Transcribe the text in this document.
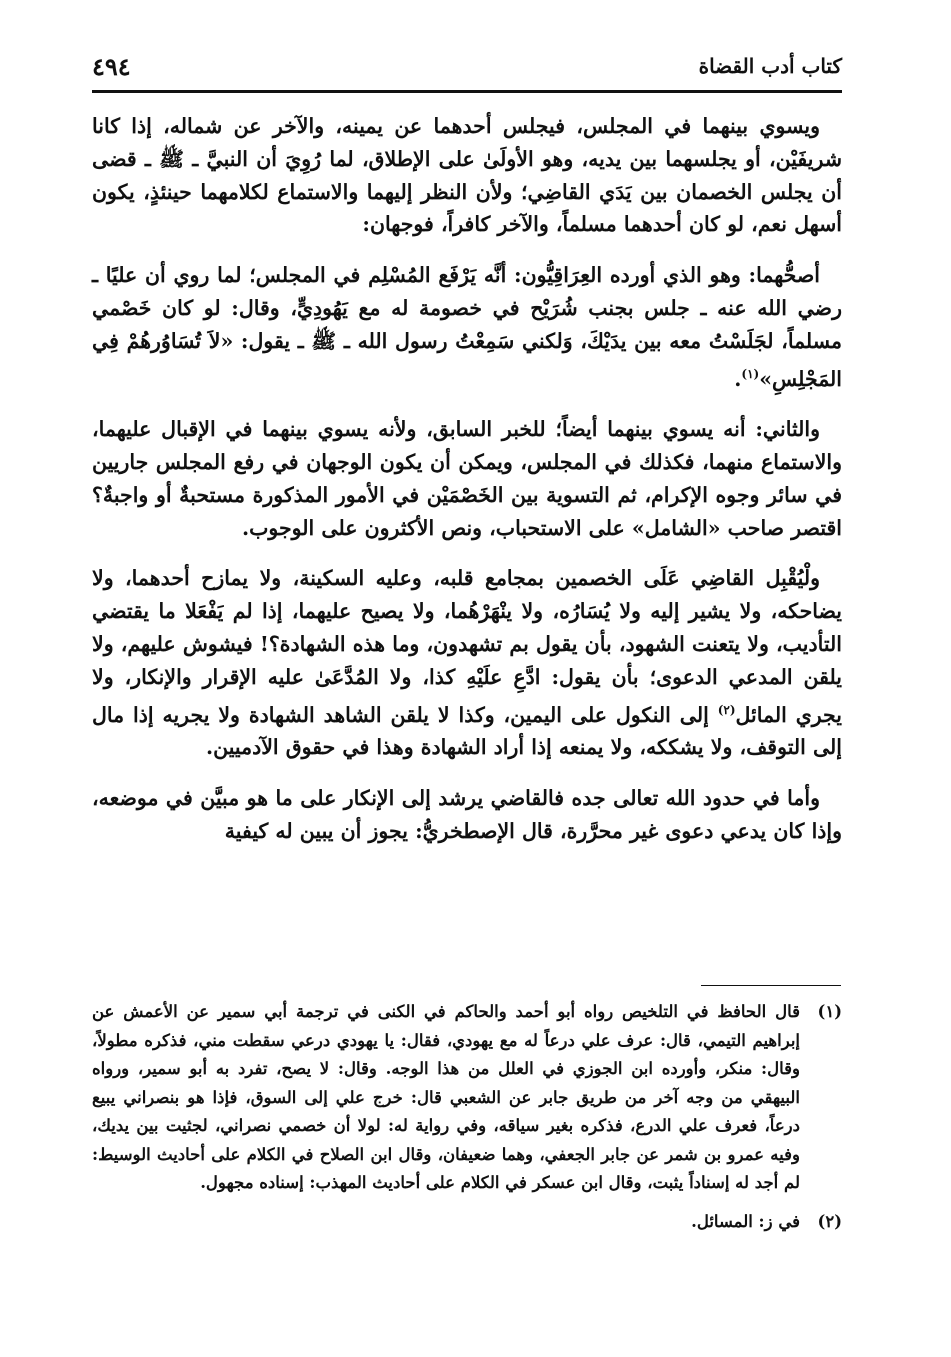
كتاب أدب القضاة
٤٩٤

ويسوي بينهما في المجلس، فيجلس أحدهما عن يمينه، والآخر عن شماله، إذا كانا شريفَيْن، أو يجلسهما بين يديه، وهو الأولَىٰ على الإطلاق، لما رُوِيَ أن النبيَّ ـ ﷺ ـ قضى أن يجلس الخصمان بين يَدَي القاضِي؛ ولأن النظر إليهما والاستماع لكلامهما حينئذٍ، يكون أسهل نعم، لو كان أحدهما مسلماً، والآخر كافراً، فوجهان:

أصحُّهما: وهو الذي أورده العِرَاقِيُّون: أنَّه يَرْفَع المُسْلِم في المجلس؛ لما روي أن عليًا ـ رضي الله عنه ـ جلس بجنب شُرَيْح في خصومة له مع يَهُودِيٍّ، وقال: لو كان خَصْمي مسلماً، لجَلَسْتُ معه بين يدَيْكَ، وَلكني سَمِعْتُ رسول الله ـ ﷺ ـ يقول: «لاَ تُسَاوُرهُمْ فِي المَجْلِسِ»$^{(١)}$.

والثاني: أنه يسوي بينهما أيضاً؛ للخبر السابق، ولأنه يسوي بينهما في الإقبال عليهما، والاستماع منهما، فكذلك في المجلس، ويمكن أن يكون الوجهان في رفع المجلس جاريين في سائر وجوه الإكرام، ثم التسوية بين الخَصْمَيْن في الأمور المذكورة مستحبةٌ أو واجبةٌ؟ اقتصر صاحب «الشامل» على الاستحباب، ونص الأكثرون على الوجوب.

ولْيُقْبِل القاضِي عَلَى الخصمين بمجامع قلبه، وعليه السكينة، ولا يمازح أحدهما، ولا يضاحكه، ولا يشير إليه ولا يُسَارُه، ولا ينْهَرْهُما، ولا يصيح عليهما، إذا لم يَفْعَلا ما يقتضي التأديب، ولا يتعنت الشهود، بأن يقول بم تشهدون، وما هذه الشهادة؟! فيشوش عليهم، ولا يلقن المدعي الدعوى؛ بأن يقول: ادَّعِ علَيْهِ كذا، ولا المُدَّعَىٰ عليه الإقرار والإنكار، ولا يجري المائل$^{(٢)}$ إلى النكول على اليمين، وكذا لا يلقن الشاهد الشهادة ولا يجريه إذا مال إلى التوقف، ولا يشككه، ولا يمنعه إذا أراد الشهادة وهذا في حقوق الآدميين.

وأما في حدود الله تعالى جده فالقاضي يرشد إلى الإنكار على ما هو مبيَّن في موضعه، وإذا كان يدعي دعوى غير محرَّرة، قال الإصطخريُّ: يجوز أن يبين له كيفية

(١)
قال الحافظ في التلخيص رواه أبو أحمد والحاكم في الكنى في ترجمة أبي سمير عن الأعمش عن إبراهيم التيمي، قال: عرف علي درعاً له مع يهودي، فقال: يا يهودي درعي سقطت مني، فذكره مطولاً، وقال: منكر، وأورده ابن الجوزي في العلل من هذا الوجه. وقال: لا يصح، تفرد به أبو سمير، ورواه البيهقي من وجه آخر من طريق جابر عن الشعبي قال: خرج علي إلى السوق، فإذا هو بنصراني يبيع درعاً، فعرف علي الدرع، فذكره بغير سياقه، وفي رواية له: لولا أن خصمي نصراني، لجثيت بين يديك، وفيه عمرو بن شمر عن جابر الجعفي، وهما ضعيفان، وقال ابن الصلاح في الكلام على أحاديث الوسيط: لم أجد له إسناداً يثبت، وقال ابن عسكر في الكلام على أحاديث المهذب: إسناده مجهول.
(٢)
في ز: المسائل.
